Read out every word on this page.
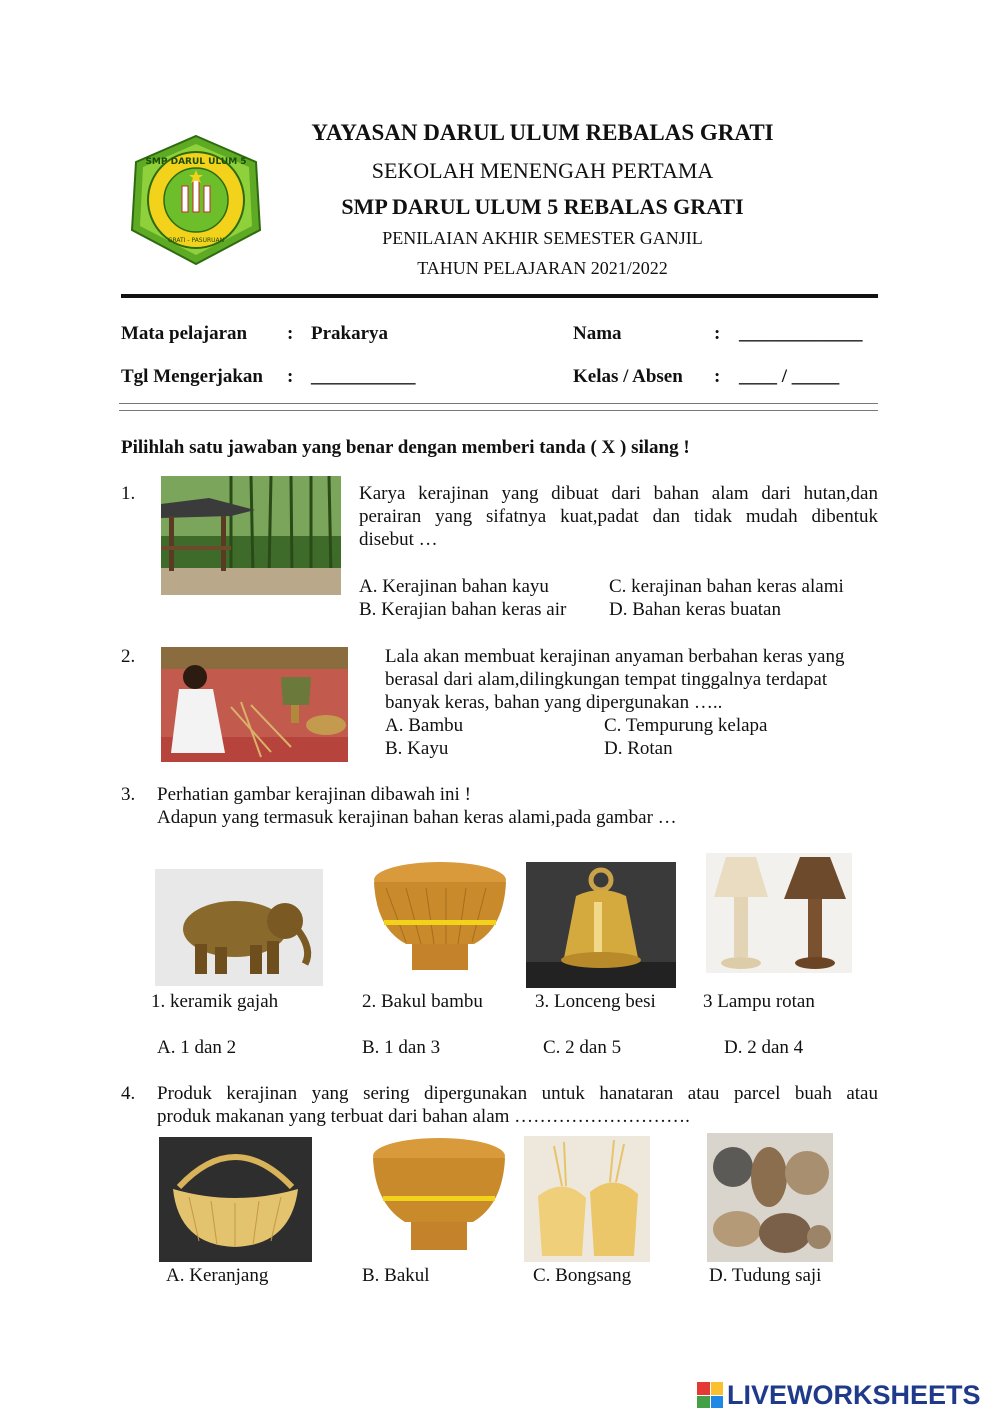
SMP DARUL ULUM 5
GRATI - PASURUAN
YAYASAN DARUL ULUM REBALAS GRATI
SEKOLAH MENENGAH PERTAMA
SMP DARUL ULUM 5 REBALAS GRATI
PENILAIAN AKHIR SEMESTER GANJIL
TAHUN PELAJARAN 2021/2022
Mata pelajaran : Prakarya
Tgl Mengerjakan : ___________
Nama	: _____________
Kelas / Absen : ____ / _____
Pilihlah satu jawaban yang benar dengan memberi tanda ( X ) silang !
1.	Karya kerajinan yang dibuat dari bahan alam dari hutan,dan
perairan yang sifatnya kuat,padat dan tidak mudah dibentuk
disebut …
A. Kerajinan bahan kayu
B. Kerajian bahan keras air
C. kerajinan bahan keras alami
D. Bahan keras buatan
2.	Lala akan membuat kerajinan anyaman berbahan keras yang
berasal dari alam,dilingkungan tempat tinggalnya terdapat
banyak keras, bahan yang dipergunakan …..
A. Bambu
B. Kayu
C. Tempurung kelapa
D. Rotan
3. Perhatian gambar kerajinan dibawah ini !
Adapun yang termasuk kerajinan bahan keras alami,pada gambar …
1. keramik gajah	2. Bakul bambu	3. Lonceng besi 3 Lampu rotan
A. 1 dan 2	B. 1 dan 3	C. 2 dan 5	D. 2 dan 4
4. Produk kerajinan yang sering dipergunakan untuk hanataran atau parcel buah atau
produk makanan yang terbuat dari bahan alam ……………………….
A. Keranjang	B. Bakul	C. Bongsang	D. Tudung saji
LIVEWORKSHEETS
